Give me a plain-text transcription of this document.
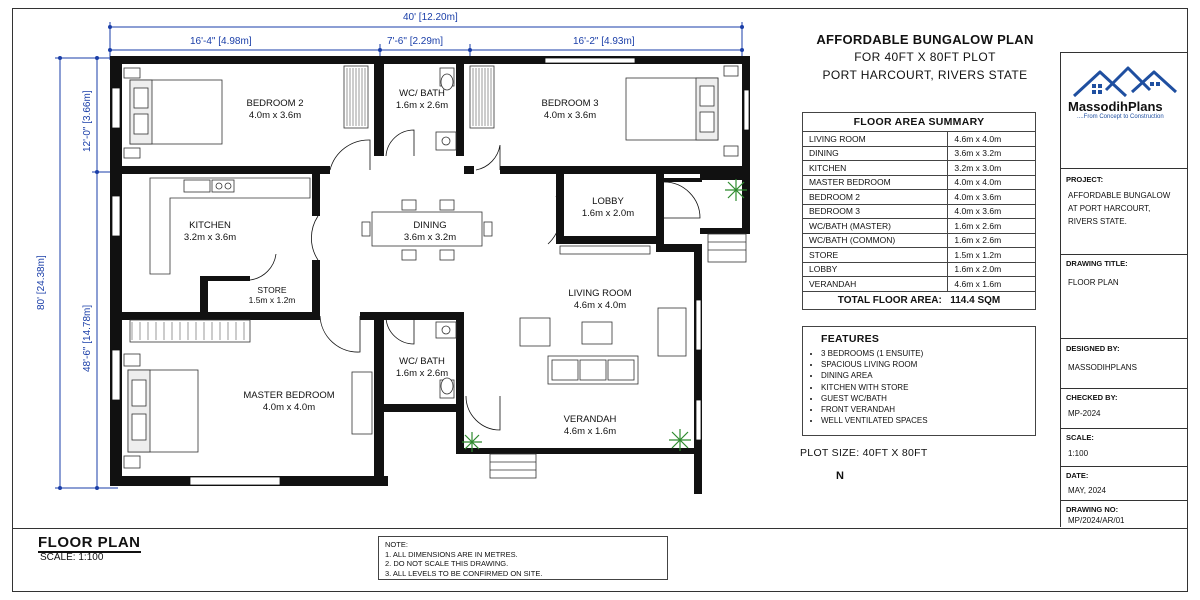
40' [12.20m]
16'-4" [4.98m]	7'-6" [2.29m]	16'-2" [4.93m]
80' [24.38m]
12'-0" [3.66m]
48'-6" [14.78m]
BEDROOM 2
4.0m x 3.6m
WC/ BATH
1.6m x 2.6m	BEDROOM 3
4.0m x 3.6m
KITCHEN
3.2m x 3.6m
DINING
3.6m x 3.2m
LOBBY
1.6m x 2.0m
STORE
1.5m x 1.2m
LIVING ROOM
4.6m x 4.0m
MASTER BEDROOM
4.0m x 4.0m
WC/ BATH
1.6m x 2.6m
VERANDAH
4.6m x 1.6m
AFFORDABLE BUNGALOW PLAN
FOR 40FT X 80FT PLOT
PORT HARCOURT, RIVERS STATE
MassodihPlans
....From Concept to Construction
FLOOR AREA SUMMARY	
LIVING ROOM	4.6m x 4.0m
DINING	3.6m x 3.2m
KITCHEN	3.2m x 3.0m
MASTER BEDROOM	4.0m x 4.0m
BEDROOM 2	4.0m x 3.6m
BEDROOM 3	4.0m x 3.6m
WC/BATH (MASTER)	1.6m x 2.6m
WC/BATH (COMMON)	1.6m x 2.6m
STORE	1.5m x 1.2m
LOBBY	1.6m x 2.0m
VERANDAH	4.6m x 1.6m
TOTAL FLOOR AREA: 114.4 SQM	
FEATURES
• 3 BEDROOMS (1 ENSUITE)
• SPACIOUS LIVING ROOM
• DINING AREA
• KITCHEN WITH STORE
• GUEST WC/BATH
• FRONT VERANDAH
• WELL VENTILATED SPACES
PLOT SIZE: 40FT X 80FT
N
PROJECT:
AFFORDABLE BUNGALOW
AT PORT HARCOURT,
RIVERS STATE.
DRAWING TITLE:
FLOOR PLAN
DESIGNED BY:
MASSODIHPLANS
CHECKED BY:
MP-2024
SCALE:
1:100
DATE:
MAY, 2024
DRAWING NO:
MP/2024/AR/01
FLOOR PLAN
SCALE: 1:100
NOTE:
1. ALL DIMENSIONS ARE IN METRES.
2. DO NOT SCALE THIS DRAWING.
3. ALL LEVELS TO BE CONFIRMED ON SITE.
